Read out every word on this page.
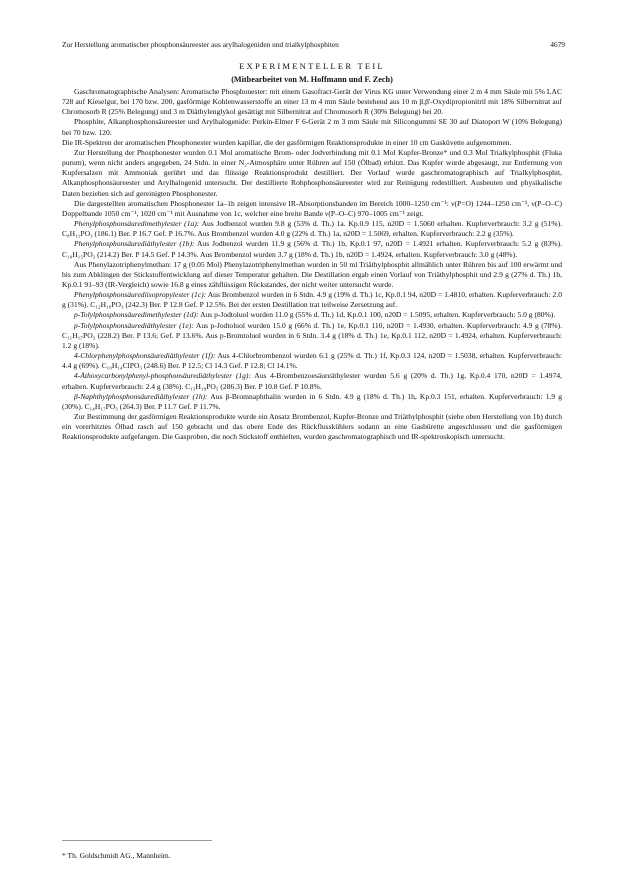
Zur Herstellung aromatischer phosphonsäureester aus arylhalogeniden und trialkylphosphiten	4679
EXPERIMENTELLER TEIL
(Mitbearbeitet von M. Hoffmann und F. Zech)

Gaschromatographische Analysen: Aromatische Phosphonester: mit einem Gasofract-Gerät der Virus KG unter Verwendung einer 2 m 4 mm Säule mit 5% LAC 728 auf Kieselgur, bei 170 bzw. 200, gasförmige Kohlenwasserstoffe an einer 13 m 4 mm Säule bestehend aus 10 m β,β'-Oxydipropionitril mit 18% Silbernitrat auf Chromosorb R (25% Belegung) und 3 m Diäthylenglykol gesättigt mit Silbernitrat auf Chromosorb R (30% Belegung) bei 20.

Phosphite, Alkanphosphonsäureester und Arylhalogenide: Perkin-Elmer F 6-Gerät 2 m 3 mm Säule mit Silicongummi SE 30 auf Diatoport W (10% Belegung) bei 70 bzw. 120.

Die IR-Spektren der aromatischen Phosphonester wurden kapillar, die der gasförmigen Reaktionsprodukte in einer 10 cm Gasküvette aufgenommen.

Zur Herstellung der Phosphonester wurden 0.1 Mol aromatische Brom- oder Jodverbindung mit 0.1 Mol Kupfer-Bronze* und 0.3 Mol Trialkylphosphit (Fluka purum), wenn nicht anders angegeben, 24 Stdn. in einer N₂-Atmosphäre unter Rühren auf 150 (Ölbad) erhitzt. Das Kupfer wurde abgesaugt, zur Entfernung von Kupfersalzen mit Ammoniak gerührt und das flüssige Reaktionsprodukt destilliert. Der Vorlauf wurde gaschromatographisch auf Trialkylphosphit, Alkanphosphonsäureester und Arylhalogenid untersucht. Der destillierte Rohphosphonsäureester wird zur Reinigung redestilliert. Ausbeuten und physikalische Daten beziehen sich auf gereinigten Phosphonester.

Die dargestellten aromatischen Phosphonester 1a–1h zeigen intensive IR-Absorptionsbanden im Bereich 1000–1250 cm⁻¹: ν(P=O) 1244–1250 cm⁻¹, ν(P–O–C) Doppelbande 1050 cm⁻¹, 1020 cm⁻¹ mit Ausnahme von 1c, welcher eine breite Bande ν(P–O–C) 970–1005 cm⁻¹ zeigt.

Phenylphosphonsäuredimethylester (1a): Aus Jodbenzol wurden 9.8 g (53% d. Th.) 1a. Kp.0.9 115, n20D = 1.5060 erhalten. Kupferverbrauch: 3.2 g (51%). C₈H₁₁PO₃ (186.1) Ber. P 16.7 Gef. P 16.7%. Aus Brombenzol wurden 4.0 g (22% d. Th.) 1a, n20D = 1.5069, erhalten. Kupferverbrauch: 2.2 g (35%).

Phenylphosphonsäurediäthylester (1b): Aus Jodbenzol wurden 11.9 g (56% d. Th.) 1b, Kp.0.1 97, n20D = 1.4921 erhalten. Kupferverbrauch: 5.2 g (83%). C₁₀H₁₅PO₃ (214.2) Ber. P 14.5 Gef. P 14.3%. Aus Brombenzol wurden 3.7 g (18% d. Th.) 1b, n20D = 1.4924, erhalten. Kupferverbrauch: 3.0 g (48%).

Aus Phenylazotriphenylmethan: 17 g (0.05 Mol) Phenylazotriphenylmethan wurden in 50 ml Triäthylphosphit allmählich unter Rühren bis auf 100 erwärmt und bis zum Abklingen der Stickstoffentwicklung auf dieser Temperatur gehalten. Die Destillation ergab einen Vorlauf von Triäthylphosphit und 2.9 g (27% d. Th.) 1b, Kp.0.1 91–93 (IR-Vergleich) sowie 16.8 g eines zähflüssigen Rückstandes, der nicht weiter untersucht wurde.

Phenylphosphonsäurediisopropylester (1c): Aus Brombenzol wurden in 6 Stdn. 4.9 g (19% d. Th.) 1c, Kp.0.1 94, n20D = 1.4810, erhalten. Kupferverbrauch: 2.0 g (31%). C₁₂H₁₉PO₃ (242.3) Ber. P 12.8 Gef. P 12.5%. Bei der ersten Destillation trat teilweise Zersetzung auf.

p-Tolylphosphonsäuredimethylester (1d): Aus p-Jodtoluol wurden 11.0 g (55% d. Th.) 1d, Kp.0.1 100, n20D = 1.5095, erhalten. Kupferverbrauch: 5.0 g (80%).

p-Tolylphosphonsäurediäthylester (1e): Aus p-Jodtoluol wurden 15.0 g (66% d. Th.) 1e, Kp.0.1 110, n20D = 1.4930, erhalten. Kupferverbrauch: 4.9 g (78%). C₁₁H₁₇PO₃ (228.2) Ber. P 13.6; Gef. P 13.6%. Aus p-Bromtoluol wurden in 6 Stdn. 3.4 g (18% d. Th.) 1e, Kp.0.1 112, n20D = 1.4924, erhalten. Kupferverbrauch: 1.2 g (18%).

4-Chlorphenylphosphonsäurediäthylester (1f): Aus 4-Chlorbrombenzol wurden 6.1 g (25% d. Th.) 1f, Kp.0.3 124, n20D = 1.5038, erhalten. Kupferverbrauch: 4.4 g (69%). C₁₀H₁₄ClPO₃ (248.6) Ber. P 12.5; Cl 14.3 Gef. P 12.8; Cl 14.1%.

4-Äthoxycarbonylphenyl-phosphonsäurediäthylester (1g): Aus 4-Brombenzoesäureäthylester wurden 5.6 g (20% d. Th.) 1g, Kp.0.4 170, n20D = 1.4974, erhalten. Kupferverbrauch: 2.4 g (38%). C₁₃H₁₉PO₅ (286.3) Ber. P 10.8 Gef. P 10.8%.

β-Naphthylphosphonsäurediäthylester (1h): Aus β-Bromnaphthalin wurden in 6 Stdn. 4.9 g (18% d. Th.) 1h, Kp.0.3 151, erhalten. Kupferverbrauch: 1.9 g (30%). C₁₄H₁₇PO₃ (264.3) Ber. P 11.7 Gef. P 11.7%.

Zur Bestimmung der gasförmigen Reaktionsprodukte wurde ein Ansatz Brombenzol, Kupfer-Bronze und Triäthylphosphit (siehe oben Herstellung von 1b) durch ein vorerhitztes Ölbad rasch auf 150 gebracht und das obere Ende des Rückflusskühlers sodann an eine Gasbürette angeschlossen und die gasförmigen Reaktionsprodukte aufgefangen. Die Gasproben, die noch Stickstoff enthielten, wurden gaschromatographisch und IR-spektroskopisch untersucht.

* Th. Goldschmidt AG., Mannheim.
